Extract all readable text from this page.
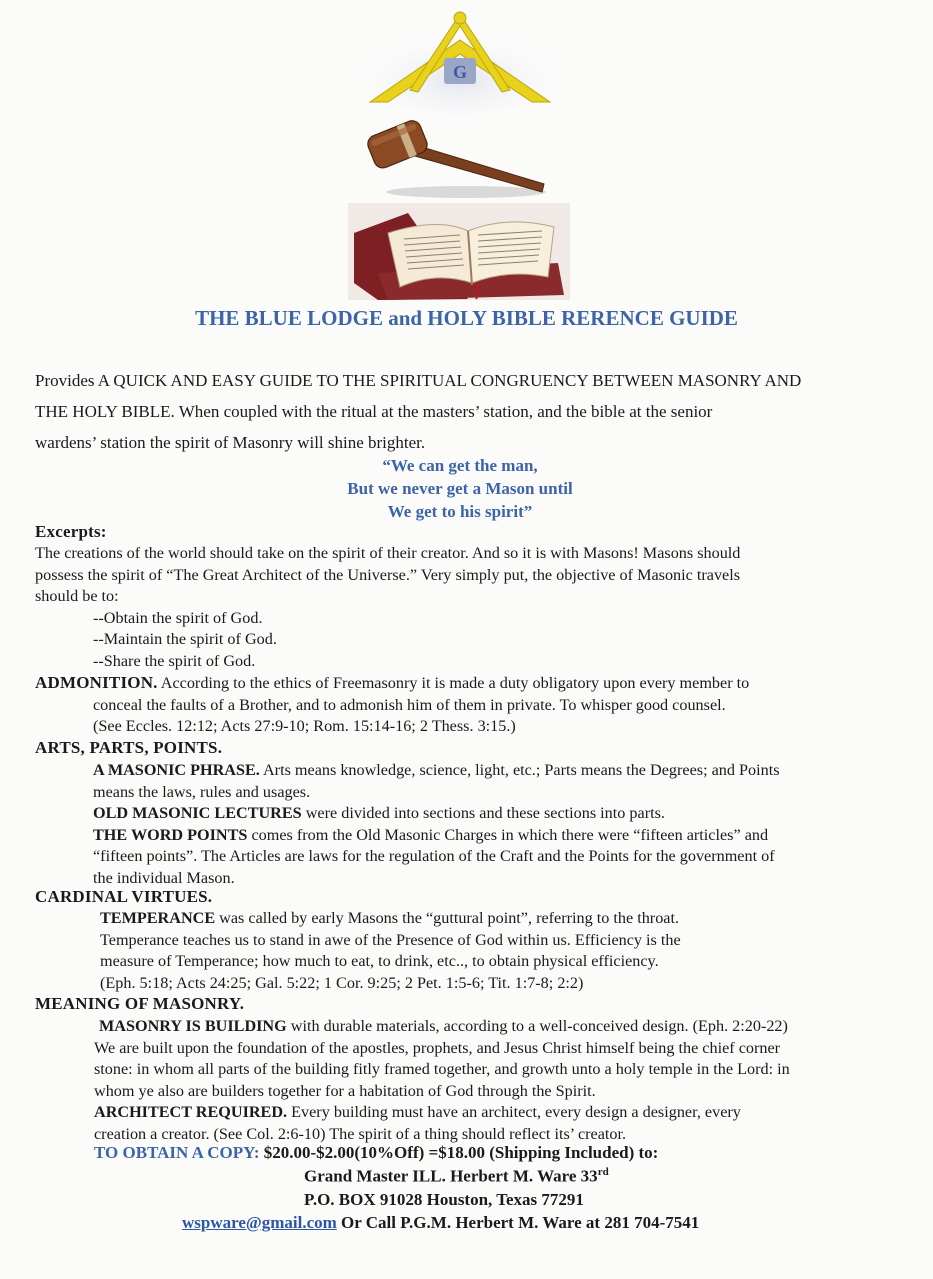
G
THE BLUE LODGE and HOLY BIBLE RERENCE GUIDE
Provides A QUICK AND EASY GUIDE TO THE SPIRITUAL CONGRUENCY BETWEEN MASONRY AND
THE HOLY BIBLE. When coupled with the ritual at the masters’ station, and the bible at the senior
wardens’ station the spirit of Masonry will shine brighter.
“We can get the man,
But we never get a Mason until
We get to his spirit”
Excerpts:
The creations of the world should take on the spirit of their creator. And so it is with Masons! Masons should
possess the spirit of “The Great Architect of the Universe.” Very simply put, the objective of Masonic travels
should be to:
--Obtain the spirit of God.
--Maintain the spirit of God.
--Share the spirit of God.
ADMONITION. According to the ethics of Freemasonry it is made a duty obligatory upon every member to
conceal the faults of a Brother, and to admonish him of them in private. To whisper good counsel.
(See Eccles. 12:12; Acts 27:9-10; Rom. 15:14-16; 2 Thess. 3:15.)
ARTS, PARTS, POINTS.
A MASONIC PHRASE. Arts means knowledge, science, light, etc.; Parts means the Degrees; and Points
means the laws, rules and usages.
OLD MASONIC LECTURES were divided into sections and these sections into parts.
THE WORD POINTS comes from the Old Masonic Charges in which there were “fifteen articles” and
“fifteen points”. The Articles are laws for the regulation of the Craft and the Points for the government of
the individual Mason.
CARDINAL VIRTUES.
TEMPERANCE was called by early Masons the “guttural point”, referring to the throat.
Temperance teaches us to stand in awe of the Presence of God within us. Efficiency is the
measure of Temperance; how much to eat, to drink, etc.., to obtain physical efficiency.
(Eph. 5:18; Acts 24:25; Gal. 5:22; 1 Cor. 9:25; 2 Pet. 1:5-6; Tit. 1:7-8; 2:2)
MEANING OF MASONRY.
MASONRY IS BUILDING with durable materials, according to a well-conceived design. (Eph. 2:20-22)
We are built upon the foundation of the apostles, prophets, and Jesus Christ himself being the chief corner
stone: in whom all parts of the building fitly framed together, and growth unto a holy temple in the Lord: in
whom ye also are builders together for a habitation of God through the Spirit.
ARCHITECT REQUIRED. Every building must have an architect, every design a designer, every
creation a creator. (See Col. 2:6-10) The spirit of a thing should reflect its’ creator.
TO OBTAIN A COPY: $20.00-$2.00(10%Off) =$18.00 (Shipping Included) to:
Grand Master ILL. Herbert M. Ware 33rd
P.O. BOX 91028 Houston, Texas 77291
wspware@gmail.com Or Call P.G.M. Herbert M. Ware at 281 704-7541
